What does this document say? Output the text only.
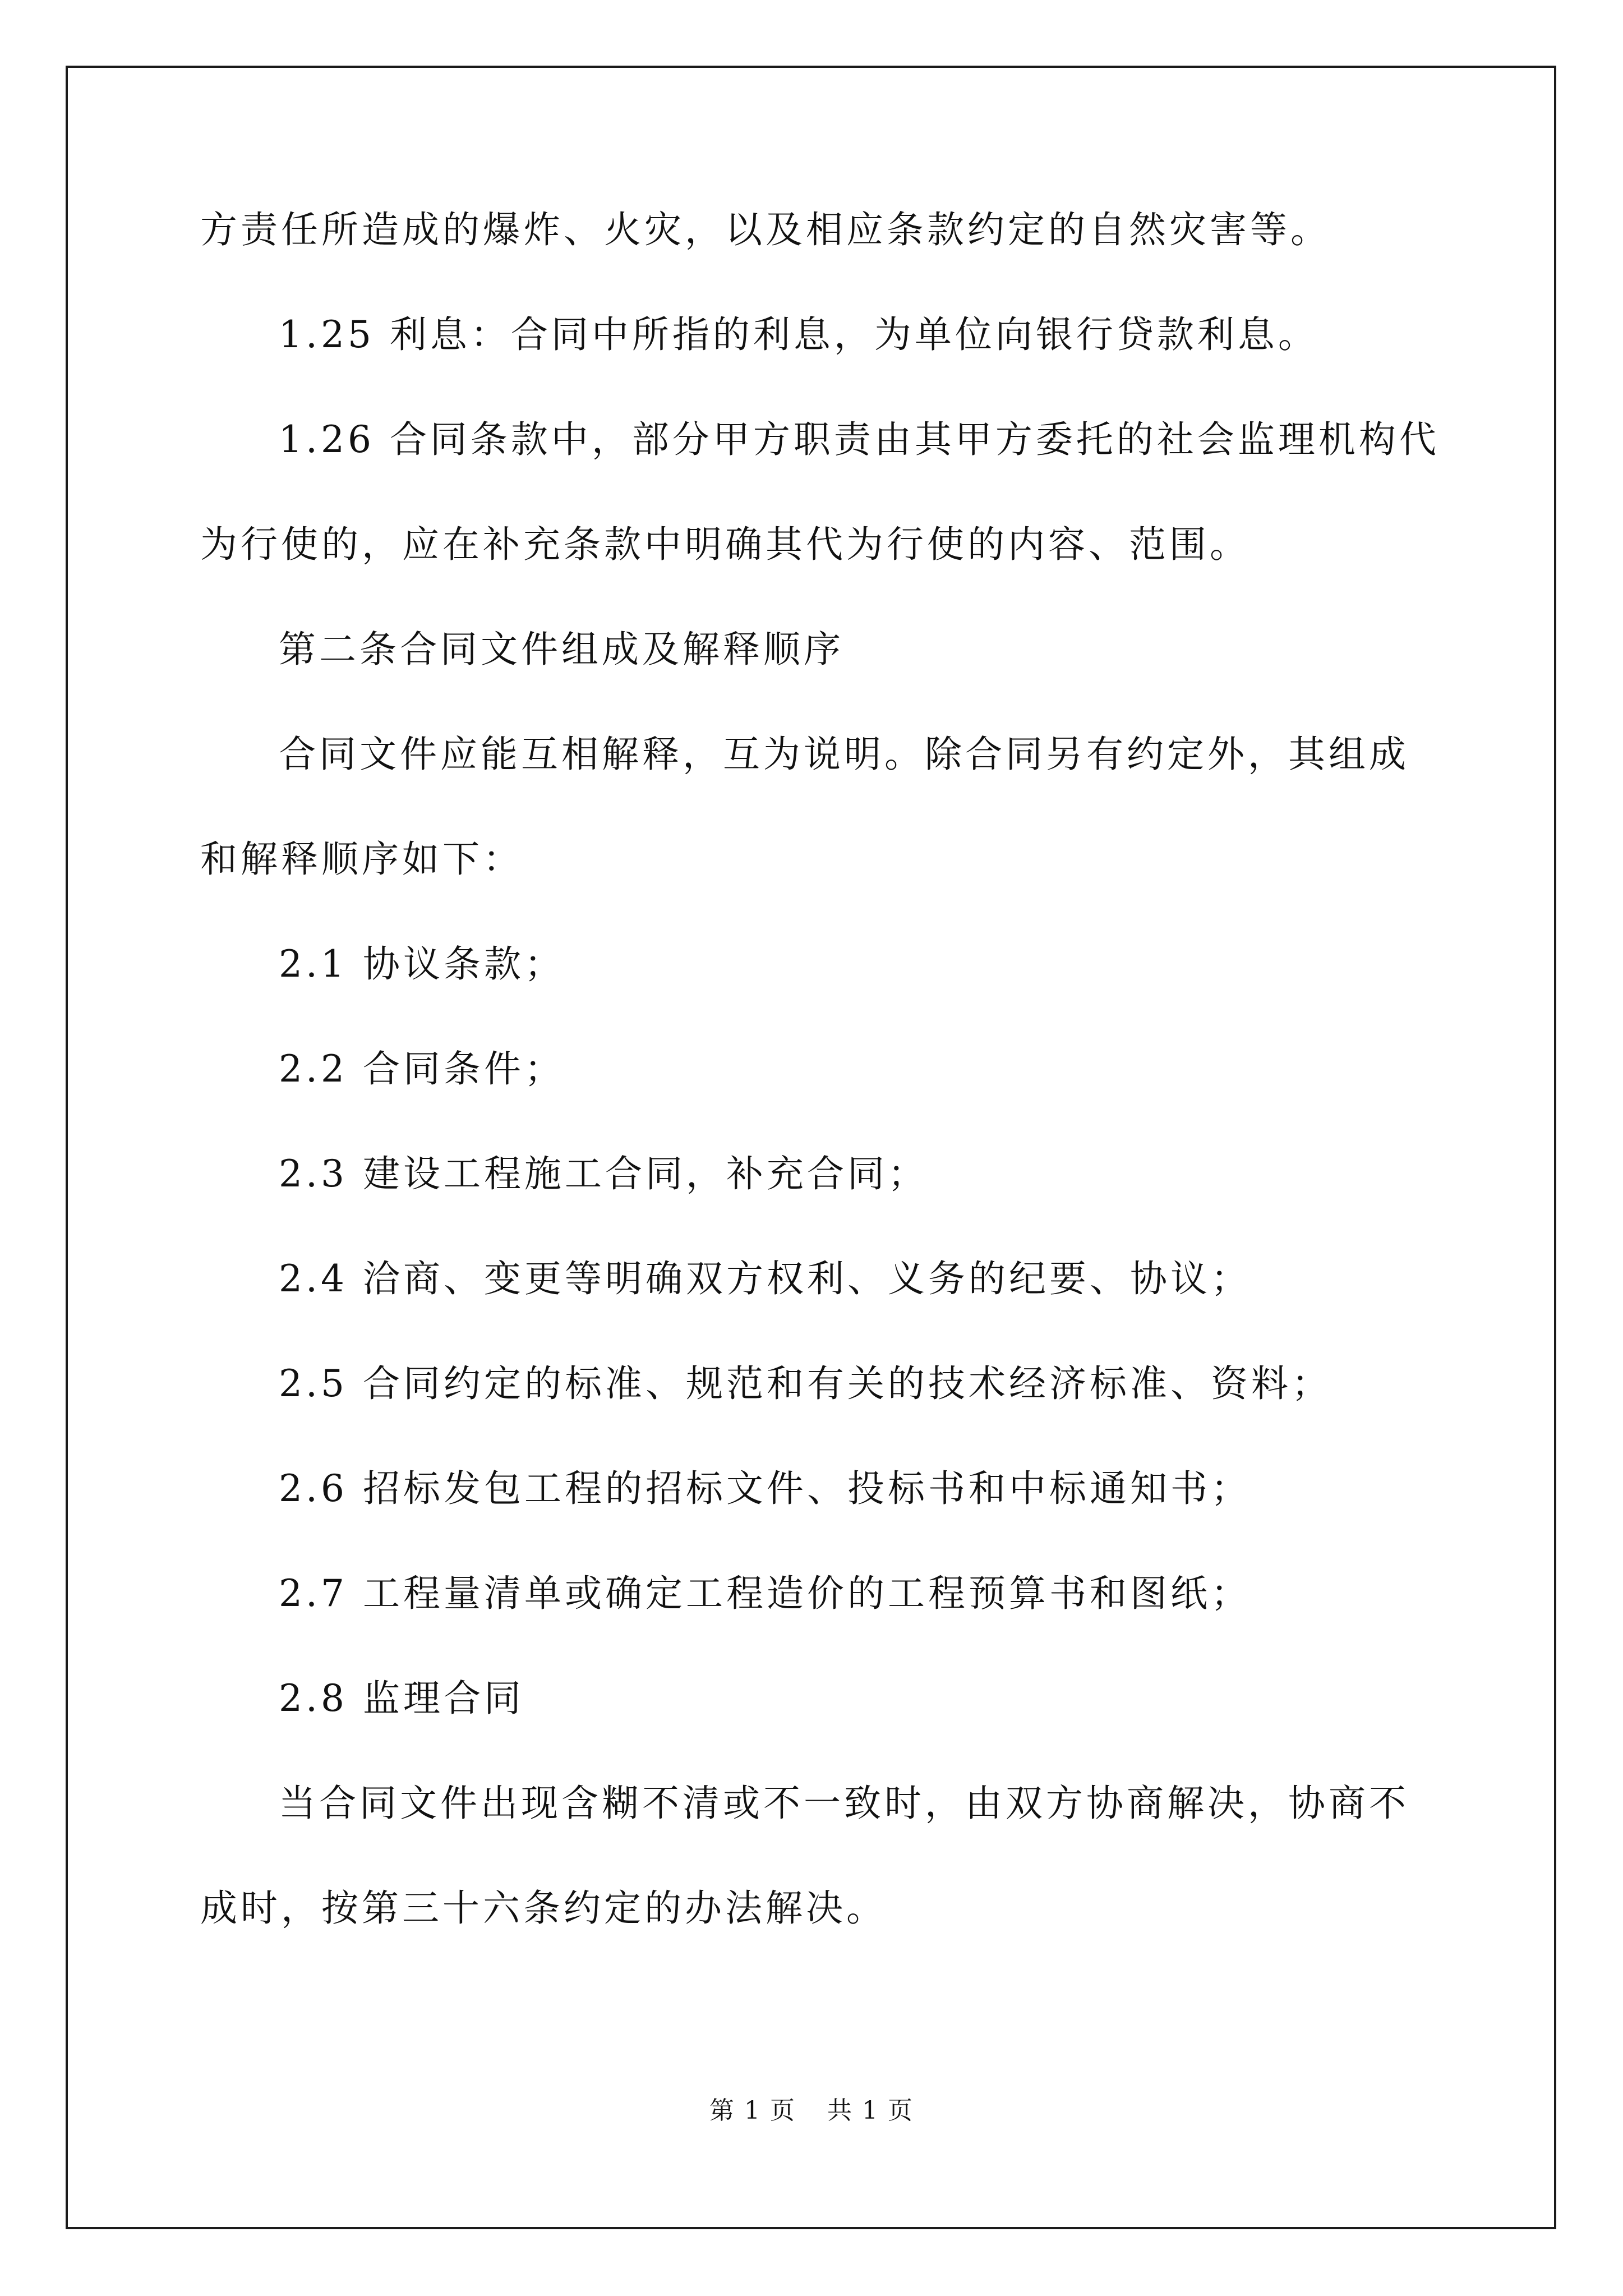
方责任所造成的爆炸、火灾，以及相应条款约定的自然灾害等。
1.25 利息：合同中所指的利息，为单位向银行贷款利息。
1.26 合同条款中，部分甲方职责由其甲方委托的社会监理机构代
为行使的，应在补充条款中明确其代为行使的内容、范围。
第二条合同文件组成及解释顺序
合同文件应能互相解释，互为说明。除合同另有约定外，其组成
和解释顺序如下：
2.1 协议条款；
2.2 合同条件；
2.3 建设工程施工合同，补充合同；
2.4 洽商、变更等明确双方权利、义务的纪要、协议；
2.5 合同约定的标准、规范和有关的技术经济标准、资料；
2.6 招标发包工程的招标文件、投标书和中标通知书；
2.7 工程量清单或确定工程造价的工程预算书和图纸；
2.8 监理合同
当合同文件出现含糊不清或不一致时，由双方协商解决，协商不
成时，按第三十六条约定的办法解决。
第 1 页 共 1 页
